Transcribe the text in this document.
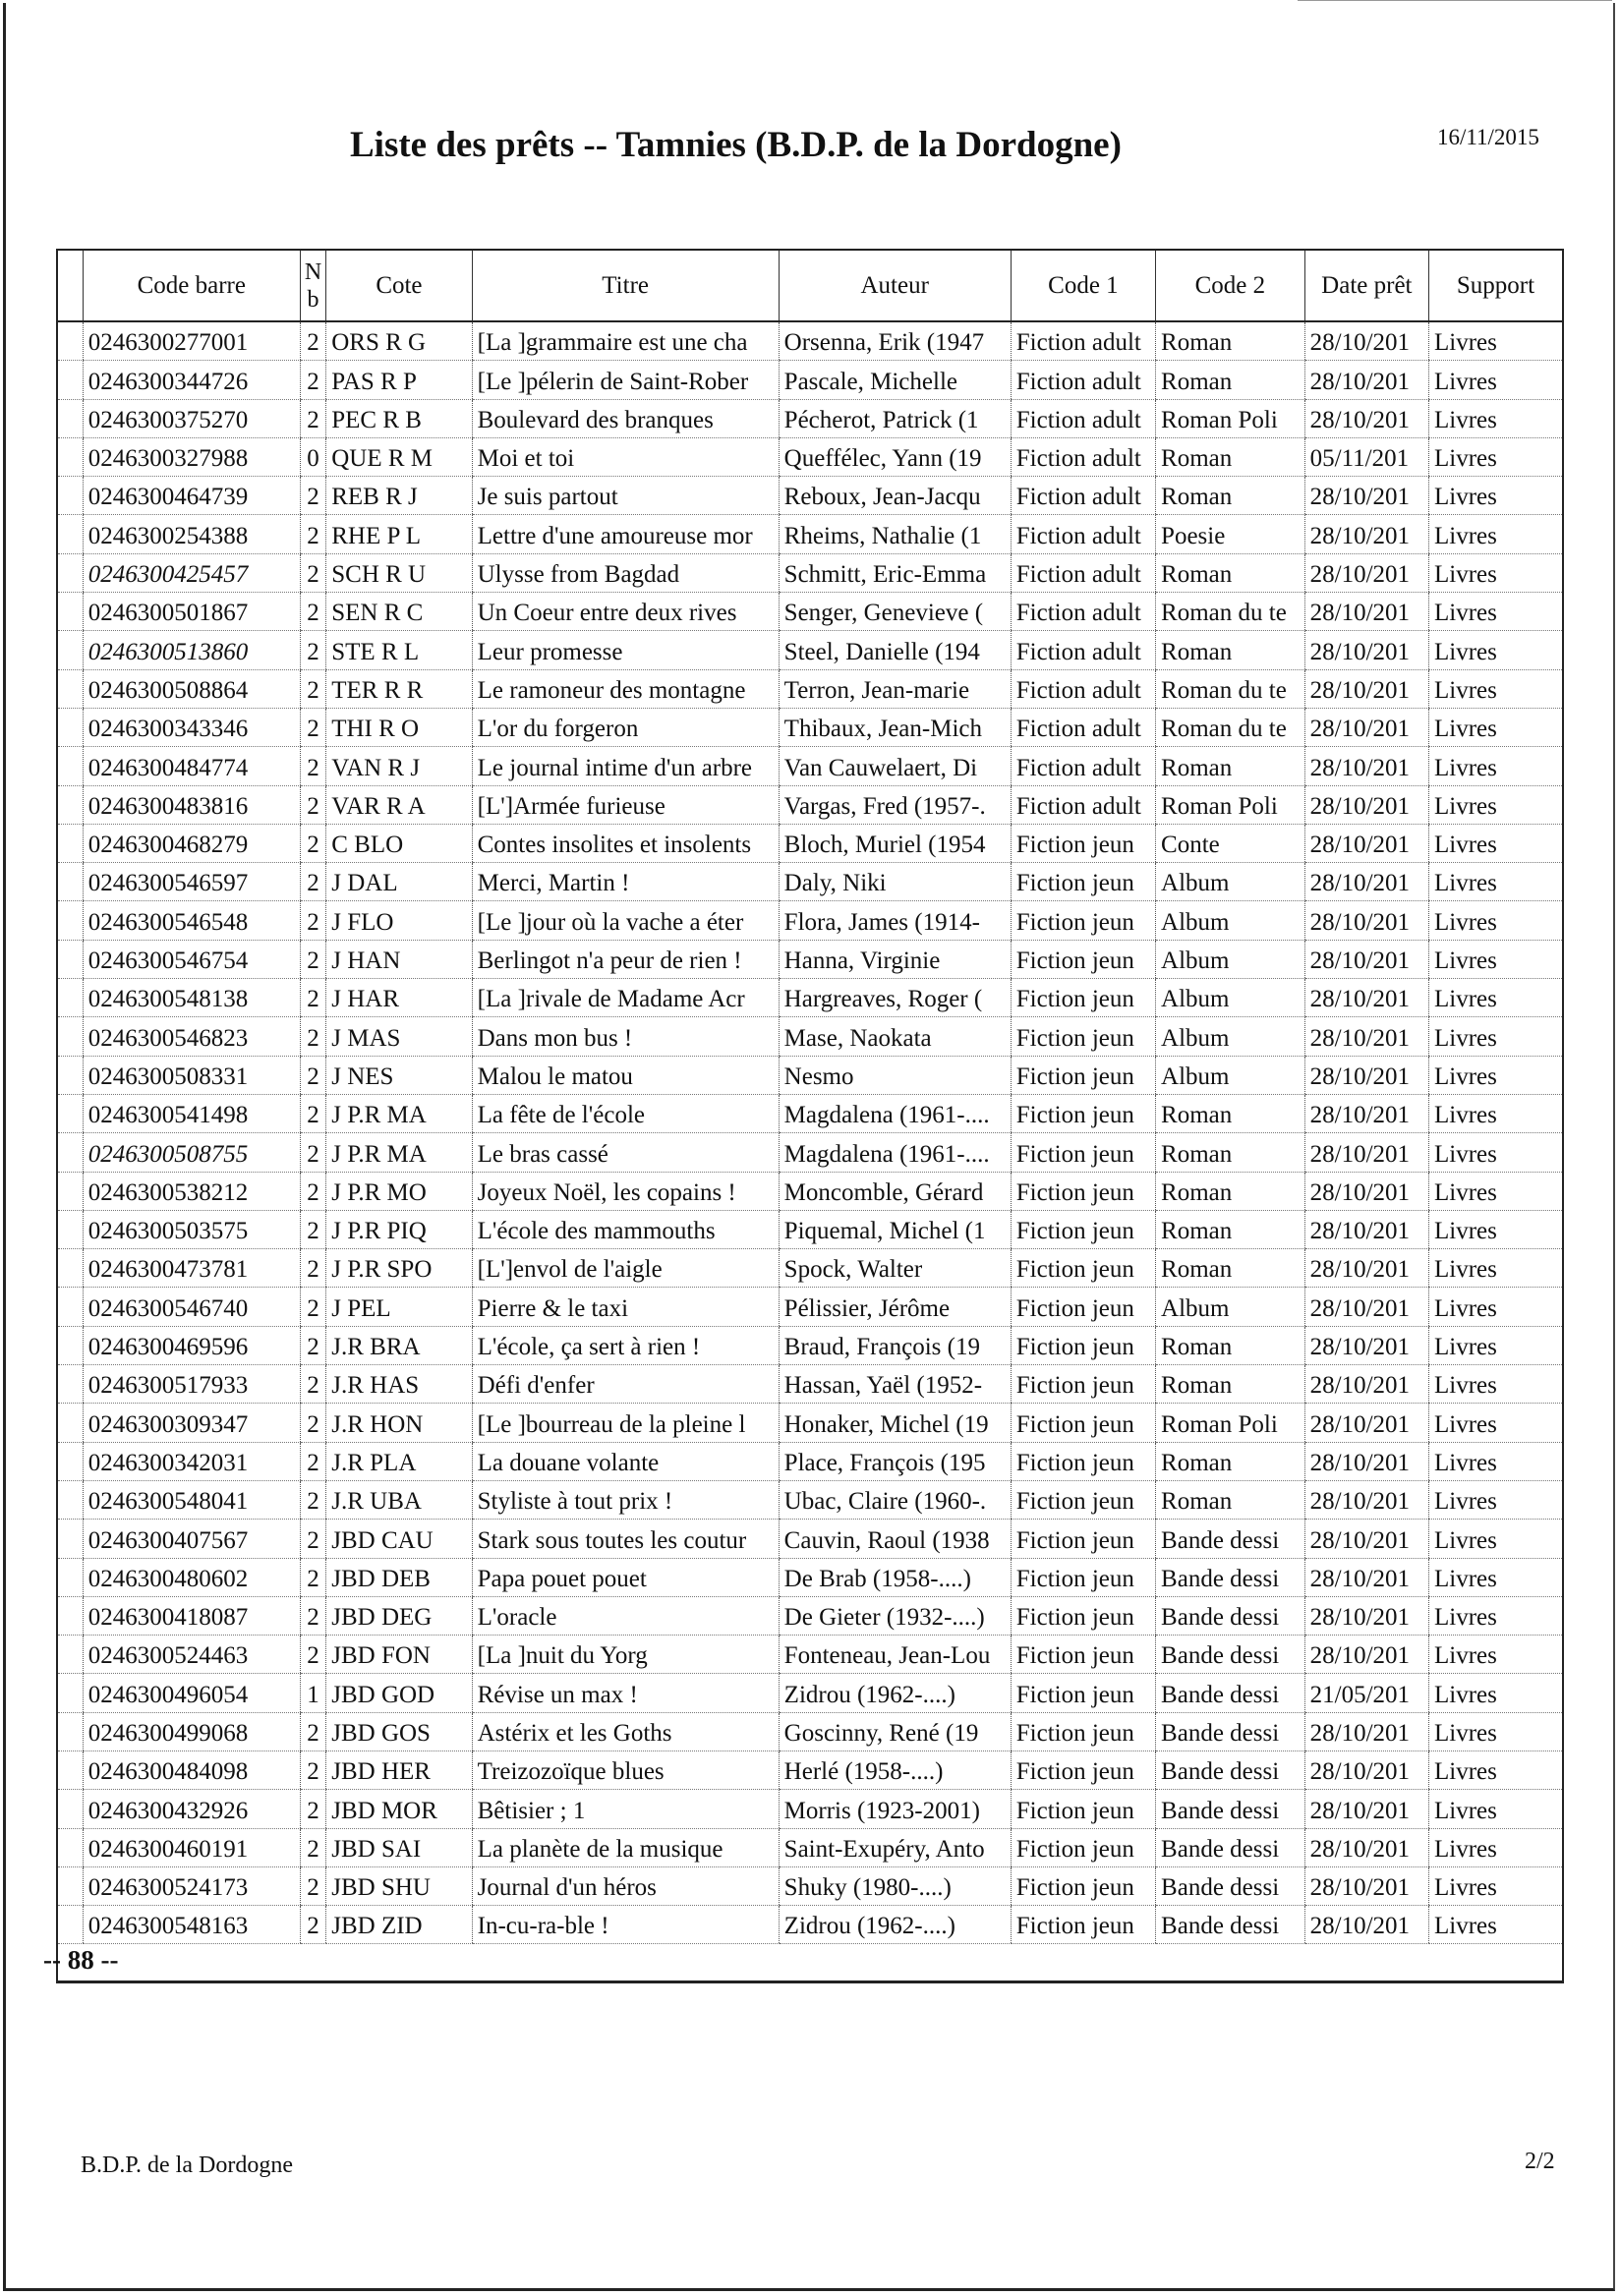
Liste des prêts -- Tamnies (B.D.P. de la Dordogne)	16/11/2015
	Code barre	N b	Cote	Titre	Auteur	Code 1	Code 2	Date prêt	Support
	0246300277001	2	ORS R G	[La ]grammaire est une cha	Orsenna, Erik (1947	Fiction adult	Roman	28/10/201	Livres
	0246300344726	2	PAS R P	[Le ]pélerin de Saint-Rober	Pascale, Michelle	Fiction adult	Roman	28/10/201	Livres
	0246300375270	2	PEC R B	Boulevard des branques	Pécherot, Patrick (1	Fiction adult	Roman Poli	28/10/201	Livres
	0246300327988	0	QUE R M	Moi et toi	Queffélec, Yann (19	Fiction adult	Roman	05/11/201	Livres
	0246300464739	2	REB R J	Je suis partout	Reboux, Jean-Jacqu	Fiction adult	Roman	28/10/201	Livres
	0246300254388	2	RHE P L	Lettre d'une amoureuse mor	Rheims, Nathalie (1	Fiction adult	Poesie	28/10/201	Livres
	0246300425457	2	SCH R U	Ulysse from Bagdad	Schmitt, Eric-Emma	Fiction adult	Roman	28/10/201	Livres
	0246300501867	2	SEN R C	Un Coeur entre deux rives	Senger, Genevieve (	Fiction adult	Roman du te	28/10/201	Livres
	0246300513860	2	STE R L	Leur promesse	Steel, Danielle (194	Fiction adult	Roman	28/10/201	Livres
	0246300508864	2	TER R R	Le ramoneur des montagne	Terron, Jean-marie	Fiction adult	Roman du te	28/10/201	Livres
	0246300343346	2	THI R O	L'or du forgeron	Thibaux, Jean-Mich	Fiction adult	Roman du te	28/10/201	Livres
	0246300484774	2	VAN R J	Le journal intime d'un arbre	Van Cauwelaert, Di	Fiction adult	Roman	28/10/201	Livres
	0246300483816	2	VAR R A	[L']Armée furieuse	Vargas, Fred (1957-.	Fiction adult	Roman Poli	28/10/201	Livres
	0246300468279	2	C BLO	Contes insolites et insolents	Bloch, Muriel (1954	Fiction jeun	Conte	28/10/201	Livres
	0246300546597	2	J DAL	Merci, Martin !	Daly, Niki	Fiction jeun	Album	28/10/201	Livres
	0246300546548	2	J FLO	[Le ]jour où la vache a éter	Flora, James (1914-	Fiction jeun	Album	28/10/201	Livres
	0246300546754	2	J HAN	Berlingot n'a peur de rien !	Hanna, Virginie	Fiction jeun	Album	28/10/201	Livres
	0246300548138	2	J HAR	[La ]rivale de Madame Acr	Hargreaves, Roger (	Fiction jeun	Album	28/10/201	Livres
	0246300546823	2	J MAS	Dans mon bus !	Mase, Naokata	Fiction jeun	Album	28/10/201	Livres
	0246300508331	2	J NES	Malou le matou	Nesmo	Fiction jeun	Album	28/10/201	Livres
	0246300541498	2	J P.R MA	La fête de l'école	Magdalena (1961-....	Fiction jeun	Roman	28/10/201	Livres
	0246300508755	2	J P.R MA	Le bras cassé	Magdalena (1961-....	Fiction jeun	Roman	28/10/201	Livres
	0246300538212	2	J P.R MO	Joyeux Noël, les copains !	Moncomble, Gérard	Fiction jeun	Roman	28/10/201	Livres
	0246300503575	2	J P.R PIQ	L'école des mammouths	Piquemal, Michel (1	Fiction jeun	Roman	28/10/201	Livres
	0246300473781	2	J P.R SPO	[L']envol de l'aigle	Spock, Walter	Fiction jeun	Roman	28/10/201	Livres
	0246300546740	2	J PEL	Pierre & le taxi	Pélissier, Jérôme	Fiction jeun	Album	28/10/201	Livres
	0246300469596	2	J.R BRA	L'école, ça sert à rien !	Braud, François (19	Fiction jeun	Roman	28/10/201	Livres
	0246300517933	2	J.R HAS	Défi d'enfer	Hassan, Yaël (1952-	Fiction jeun	Roman	28/10/201	Livres
	0246300309347	2	J.R HON	[Le ]bourreau de la pleine l	Honaker, Michel (19	Fiction jeun	Roman Poli	28/10/201	Livres
	0246300342031	2	J.R PLA	La douane volante	Place, François (195	Fiction jeun	Roman	28/10/201	Livres
	0246300548041	2	J.R UBA	Styliste à tout prix !	Ubac, Claire (1960-.	Fiction jeun	Roman	28/10/201	Livres
	0246300407567	2	JBD CAU	Stark sous toutes les coutur	Cauvin, Raoul (1938	Fiction jeun	Bande dessi	28/10/201	Livres
	0246300480602	2	JBD DEB	Papa pouet pouet	De Brab (1958-....)	Fiction jeun	Bande dessi	28/10/201	Livres
	0246300418087	2	JBD DEG	L'oracle	De Gieter (1932-....)	Fiction jeun	Bande dessi	28/10/201	Livres
	0246300524463	2	JBD FON	[La ]nuit du Yorg	Fonteneau, Jean-Lou	Fiction jeun	Bande dessi	28/10/201	Livres
	0246300496054	1	JBD GOD	Révise un max !	Zidrou (1962-....)	Fiction jeun	Bande dessi	21/05/201	Livres
	0246300499068	2	JBD GOS	Astérix et les Goths	Goscinny, René (19	Fiction jeun	Bande dessi	28/10/201	Livres
	0246300484098	2	JBD HER	Treizozoïque blues	Herlé (1958-....)	Fiction jeun	Bande dessi	28/10/201	Livres
	0246300432926	2	JBD MOR	Bêtisier ; 1	Morris (1923-2001)	Fiction jeun	Bande dessi	28/10/201	Livres
	0246300460191	2	JBD SAI	La planète de la musique	Saint-Exupéry, Anto	Fiction jeun	Bande dessi	28/10/201	Livres
	0246300524173	2	JBD SHU	Journal d'un héros	Shuky (1980-....)	Fiction jeun	Bande dessi	28/10/201	Livres
	0246300548163	2	JBD ZID	In-cu-ra-ble !	Zidrou (1962-....)	Fiction jeun	Bande dessi	28/10/201	Livres
-- 88 --
B.D.P. de la Dordogne	2/2
